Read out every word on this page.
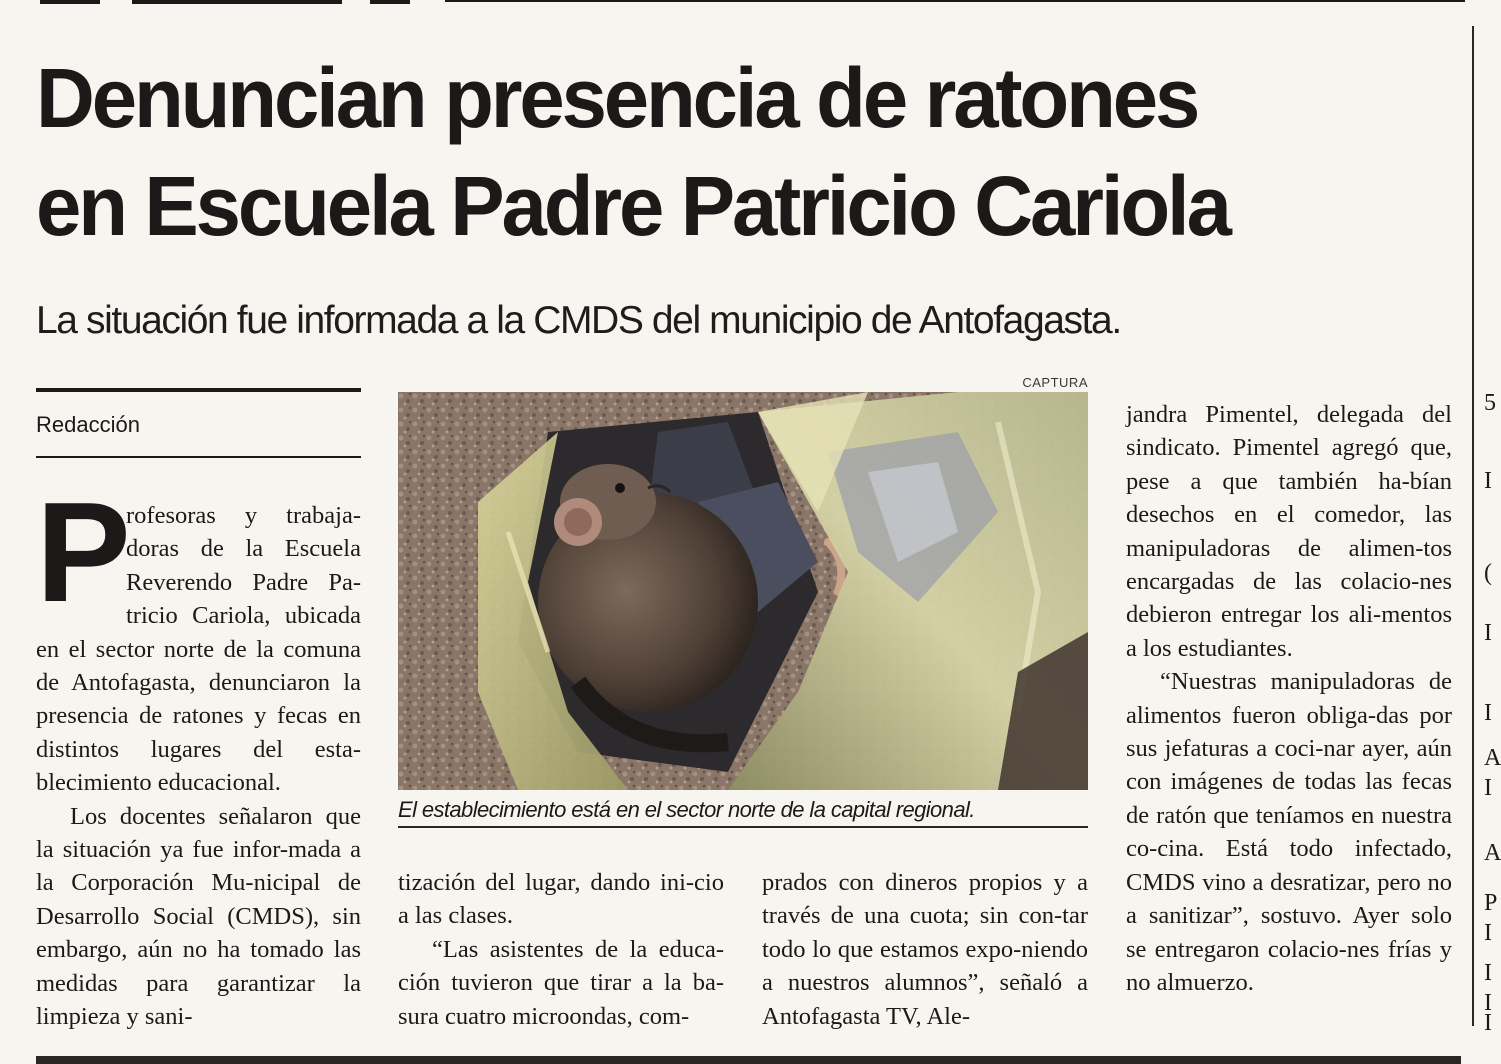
Denuncian presencia de ratones
en Escuela Padre Patricio Cariola
La situación fue informada a la CMDS del municipio de Antofagasta.
Redacción

P
rofesoras y trabaja-doras de la Escuela Reverendo Padre Pa-tricio Cariola, ubicada en el sector norte de la comuna de Antofagasta, denunciaron la presencia de ratones y fecas en distintos lugares del esta-blecimiento educacional.

Los docentes señalaron que la situación ya fue infor-mada a la Corporación Mu-nicipal de Desarrollo Social (CMDS), sin embargo, aún no ha tomado las medidas para garantizar la limpieza y sani-

CAPTURA
El establecimiento está en el sector norte de la capital regional.

tización del lugar, dando ini-cio a las clases.

“Las asistentes de la educa-ción tuvieron que tirar a la ba-sura cuatro microondas, com-

prados con dineros propios y a través de una cuota; sin con-tar todo lo que estamos expo-niendo a nuestros alumnos”, señaló a Antofagasta TV, Ale-

jandra Pimentel, delegada del sindicato. Pimentel agregó que, pese a que también ha-bían desechos en el comedor, las manipuladoras de alimen-tos encargadas de las colacio-nes debieron entregar los ali-mentos a los estudiantes.

“Nuestras manipuladoras de alimentos fueron obliga-das por sus jefaturas a coci-nar ayer, aún con imágenes de todas las fecas de ratón que teníamos en nuestra co-cina. Está todo infectado, CMDS vino a desratizar, pero no a sanitizar”, sostuvo. Ayer solo se entregaron colacio-nes frías y no almuerzo.

5
I
(
I
I
A
I
A
P
I
I
I
I
